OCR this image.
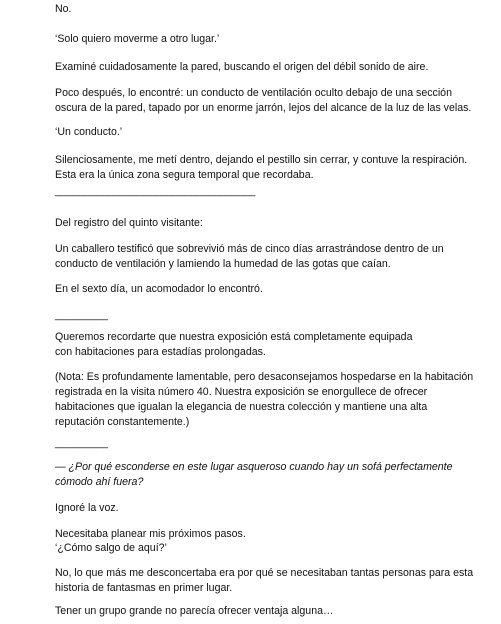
No.

‘Solo quiero moverme a otro lugar.’

Examiné cuidadosamente la pared, buscando el origen del débil sonido de aire.

Poco después, lo encontré: un conducto de ventilación oculto debajo de una sección oscura de la pared, tapado por un enorme jarrón, lejos del alcance de la luz de las velas.

‘Un conducto.’

Silenciosamente, me metí dentro, dejando el pestillo sin cerrar, y contuve la respiración. Esta era la única zona segura temporal que recordaba.

__________________________________

Del registro del quinto visitante:

Un caballero testificó que sobrevivió más de cinco días arrastrándose dentro de un conducto de ventilación y lamiendo la humedad de las gotas que caían.

En el sexto día, un acomodador lo encontró.

_________

Queremos recordarte que nuestra exposición está completamente equipada con habitaciones para estadías prolongadas.

(Nota: Es profundamente lamentable, pero desaconsejamos hospedarse en la habitación registrada en la visita número 40. Nuestra exposición se enorgullece de ofrecer habitaciones que igualan la elegancia de nuestra colección y mantiene una alta reputación constantemente.)

_________

— ¿Por qué esconderse en este lugar asqueroso cuando hay un sofá perfectamente cómodo ahí fuera?

Ignoré la voz.

Necesitaba planear mis próximos pasos.

‘¿Cómo salgo de aquí?’

No, lo que más me desconcertaba era por qué se necesitaban tantas personas para esta historia de fantasmas en primer lugar.

Tener un grupo grande no parecía ofrecer ventaja alguna…
